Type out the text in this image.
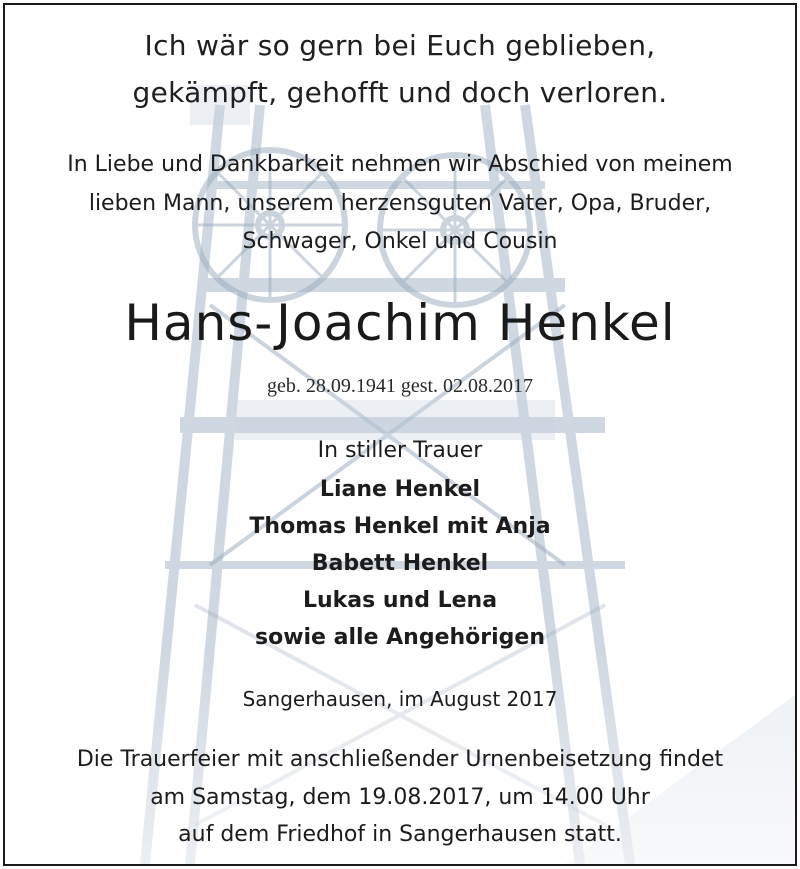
Ich wär so gern bei Euch geblieben,
gekämpft, gehofft und doch verloren.
In Liebe und Dankbarkeit nehmen wir Abschied von meinem
lieben Mann, unserem herzensguten Vater, Opa, Bruder,
Schwager, Onkel und Cousin
Hans-Joachim Henkel
geb. 28.09.1941 gest. 02.08.2017
In stiller Trauer
Liane Henkel
Thomas Henkel mit Anja
Babett Henkel
Lukas und Lena
sowie alle Angehörigen
Sangerhausen, im August 2017
Die Trauerfeier mit anschließender Urnenbeisetzung findet
am Samstag, dem 19.08.2017, um 14.00 Uhr
auf dem Friedhof in Sangerhausen statt.
